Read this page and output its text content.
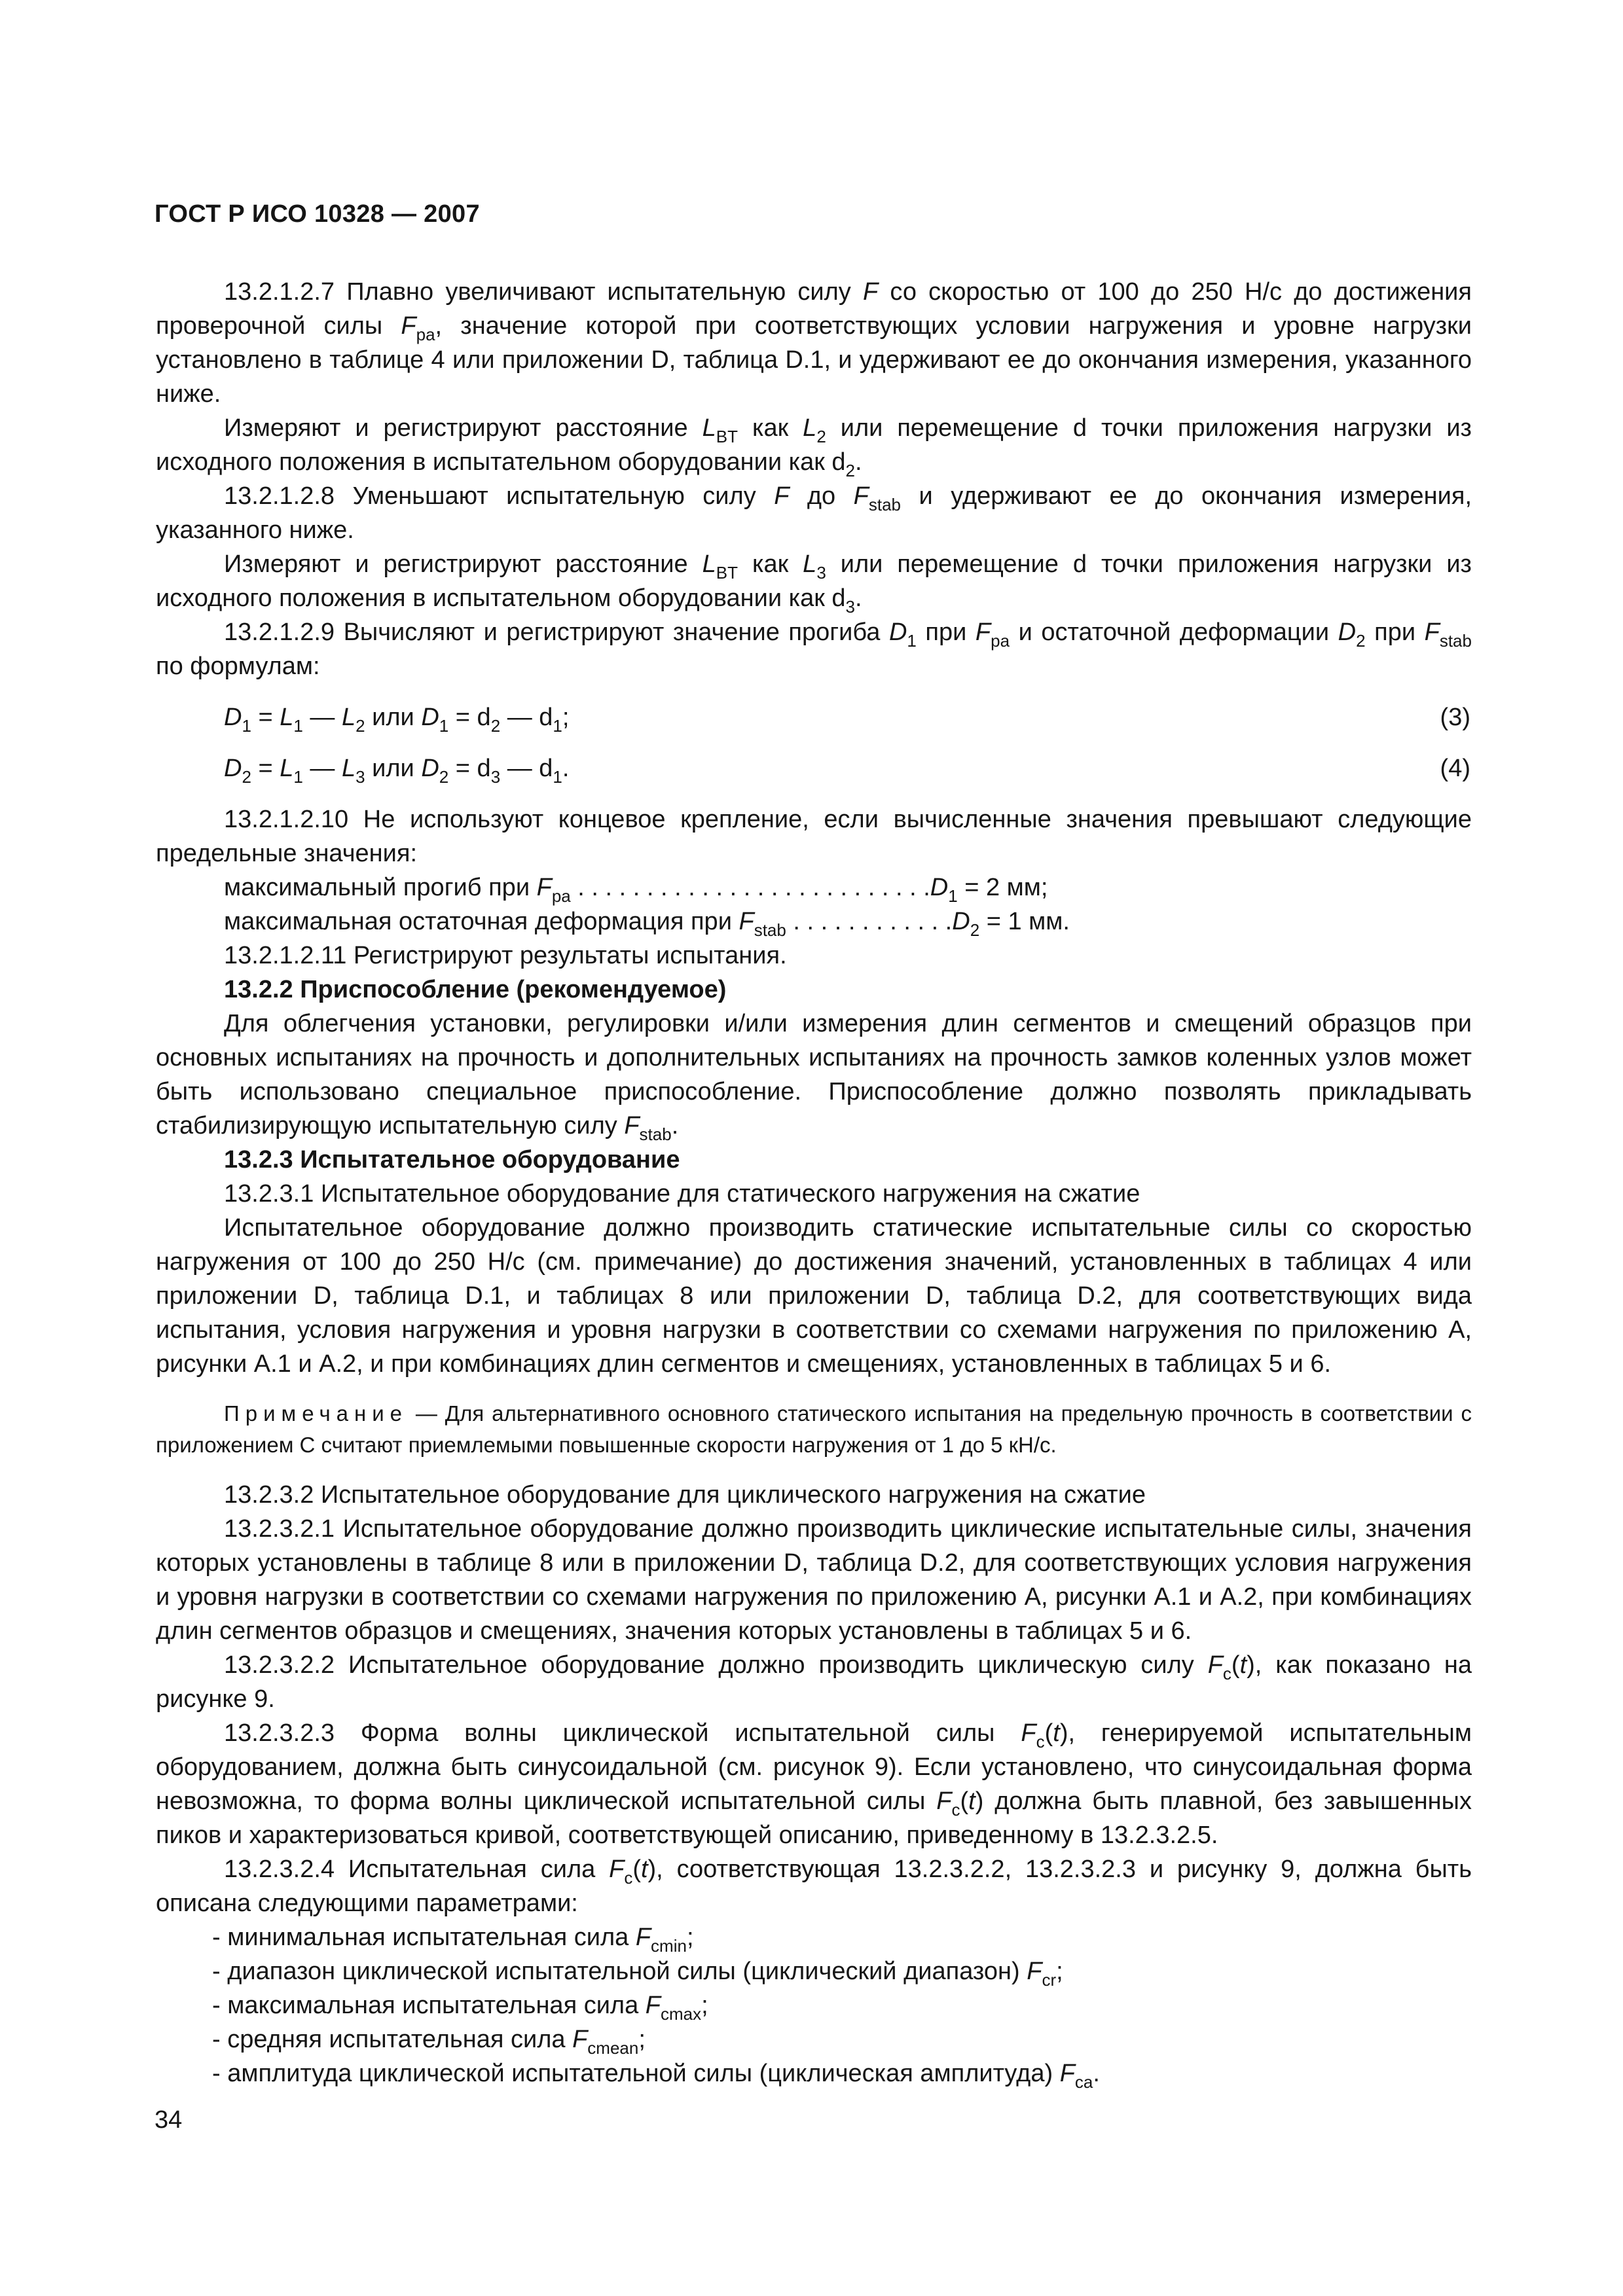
ГОСТ Р ИСО 10328 — 2007

13.2.1.2.7 Плавно увеличивают испытательную силу F со скоростью от 100 до 250 Н/с до достижения проверочной силы $F_{pa}$, значение которой при соответствующих условии нагружения и уровне нагрузки установлено в таблице 4 или приложении D, таблица D.1, и удерживают ее до окончания измерения, указанного ниже.

Измеряют и регистрируют расстояние $L_{BT}$ как $L_2$ или перемещение d точки приложения нагрузки из исходного положения в испытательном оборудовании как $d_2$.

13.2.1.2.8 Уменьшают испытательную силу F до $F_{stab}$ и удерживают ее до окончания измерения, указанного ниже.

Измеряют и регистрируют расстояние $L_{BT}$ как $L_3$ или перемещение d точки приложения нагрузки из исходного положения в испытательном оборудовании как $d_3$.

13.2.1.2.9 Вычисляют и регистрируют значение прогиба $D_1$ при $F_{pa}$ и остаточной деформации $D_2$ при $F_{stab}$ по формулам:

$D_1 = L_1$ — $L_2$ или $D_1 = d_2$ — $d_1$;	(3)
$D_2 = L_1$ — $L_3$ или $D_2 = d_3$ — $d_1$.	(4)

13.2.1.2.10 Не используют концевое крепление, если вычисленные значения превышают следующие предельные значения:

максимальный прогиб при $F_{pa}$ . . . . . . . . . . . . . . . . . . . . . . . . . $.D_1 = 2$ мм;

максимальная остаточная деформация при $F_{stab}$ . . . . . . . . . . . $.D_2 = 1$ мм.

13.2.1.2.11 Регистрируют результаты испытания.

13.2.2 Приспособление (рекомендуемое)

Для облегчения установки, регулировки и/или измерения длин сегментов и смещений образцов при основных испытаниях на прочность и дополнительных испытаниях на прочность замков коленных узлов может быть использовано специальное приспособление. Приспособление должно позволять прикладывать стабилизирующую испытательную силу $F_{stab}$.

13.2.3 Испытательное оборудование

13.2.3.1 Испытательное оборудование для статического нагружения на сжатие

Испытательное оборудование должно производить статические испытательные силы со скоростью нагружения от 100 до 250 Н/с (см. примечание) до достижения значений, установленных в таблицах 4 или приложении D, таблица D.1, и таблицах 8 или приложении D, таблица D.2, для соответствующих вида испытания, условия нагружения и уровня нагрузки в соответствии со схемами нагружения по приложению А, рисунки А.1 и А.2, и при комбинациях длин сегментов и смещениях, установленных в таблицах 5 и 6.

Примечание — Для альтернативного основного статического испытания на предельную прочность в соответствии с приложением С считают приемлемыми повышенные скорости нагружения от 1 до 5 кН/с.

13.2.3.2 Испытательное оборудование для циклического нагружения на сжатие

13.2.3.2.1 Испытательное оборудование должно производить циклические испытательные силы, значения которых установлены в таблице 8 или в приложении D, таблица D.2, для соответствующих условия нагружения и уровня нагрузки в соответствии со схемами нагружения по приложению А, рисунки А.1 и А.2, при комбинациях длин сегментов образцов и смещениях, значения которых установлены в таблицах 5 и 6.

13.2.3.2.2 Испытательное оборудование должно производить циклическую силу $F_c(t)$, как показано на рисунке 9.

13.2.3.2.3 Форма волны циклической испытательной силы $F_c(t)$, генерируемой испытательным оборудованием, должна быть синусоидальной (см. рисунок 9). Если установлено, что синусоидальная форма невозможна, то форма волны циклической испытательной силы $F_c(t)$ должна быть плавной, без завышенных пиков и характеризоваться кривой, соответствующей описанию, приведенному в 13.2.3.2.5.

13.2.3.2.4 Испытательная сила $F_c(t)$, соответствующая 13.2.3.2.2, 13.2.3.2.3 и рисунку 9, должна быть описана следующими параметрами:

- минимальная испытательная сила $F_{cmin}$;

- диапазон циклической испытательной силы (циклический диапазон) $F_{cr}$;

- максимальная испытательная сила $F_{cmax}$;

- средняя испытательная сила $F_{cmean}$;

- амплитуда циклической испытательной силы (циклическая амплитуда) $F_{ca}$.

34
